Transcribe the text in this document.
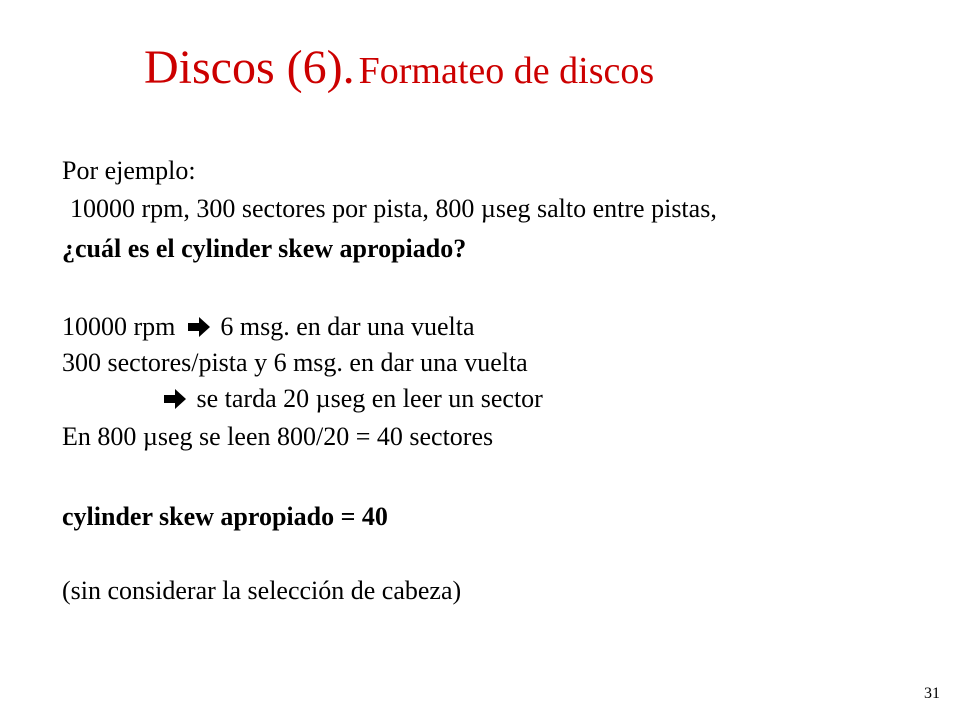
Discos (6). Formateo de discos
Por ejemplo:
10000 rpm, 300 sectores por pista, 800 µseg salto entre pistas,
¿cuál es el cylinder skew apropiado?
10000 rpm 6 msg. en dar una vuelta
300 sectores/pista y 6 msg. en dar una vuelta
se tarda 20 µseg en leer un sector
En 800 µseg se leen 800/20 = 40 sectores
cylinder skew apropiado = 40
(sin considerar la selección de cabeza)
31
